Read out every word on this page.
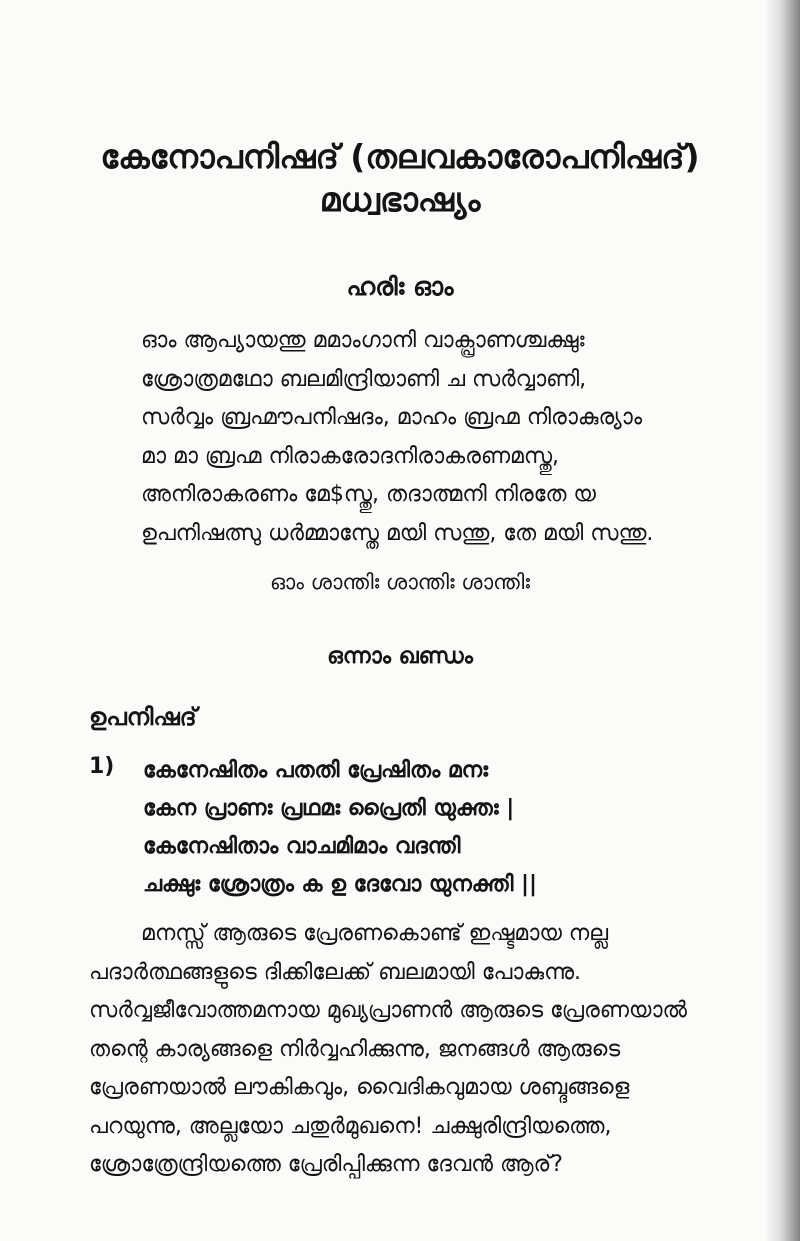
കേനോപനിഷദ് (തലവകാരോപനിഷദ്)
മധ്വഭാഷ്യം
ഹരിഃ ഓം
ഓം ആപ്യായന്തു മമാംഗാനി വാക്പ്രാണശ്ചക്ഷുഃ
ശ്രോത്രമഥോ ബലമിന്ദ്രിയാണി ച സർവ്വാണി,
സർവ്വം ബ്രഹ്മൗപനിഷദം, മാഹം ബ്രഹ്മ നിരാകുര്യാം
മാ മാ ബ്രഹ്മ നിരാകരോദനിരാകരണമസ്തു,
അനിരാകരണം മേ$സ്തു, തദാത്മനി നിരതേ യ
ഉപനിഷത്സു ധർമ്മാസ്തേ മയി സന്തു, തേ മയി സന്തു.
ഓം ശാന്തിഃ ശാന്തിഃ ശാന്തിഃ
ഒന്നാം ഖണ്ഡം
ഉപനിഷദ്
1) കേനേഷിതം പതതി പ്രേഷിതം മനഃ
കേന പ്രാണഃ പ്രഥമഃ പ്രൈതി യുക്തഃ |
കേനേഷിതാം വാചമിമാം വദന്തി
ചക്ഷുഃ ശ്രോത്രം ക ഉ ദേവോ യുനക്തി ||
മനസ്സ് ആരുടെ പ്രേരണകൊണ്ട് ഇഷ്ടമായ നല്ല
പദാർത്ഥങ്ങളുടെ ദിക്കിലേക്ക് ബലമായി പോകുന്നു.
സർവ്വജീവോത്തമനായ മുഖ്യപ്രാണൻ ആരുടെ പ്രേരണയാൽ
തന്റെ കാര്യങ്ങളെ നിർവ്വഹിക്കുന്നു, ജനങ്ങൾ ആരുടെ
പ്രേരണയാൽ ലൗകികവും, വൈദികവുമായ ശബ്ദങ്ങളെ
പറയുന്നു, അല്ലയോ ചതുർമുഖനെ! ചക്ഷുരിന്ദ്രിയത്തെ,
ശ്രോത്രേന്ദ്രിയത്തെ പ്രേരിപ്പിക്കുന്ന ദേവൻ ആര്?
